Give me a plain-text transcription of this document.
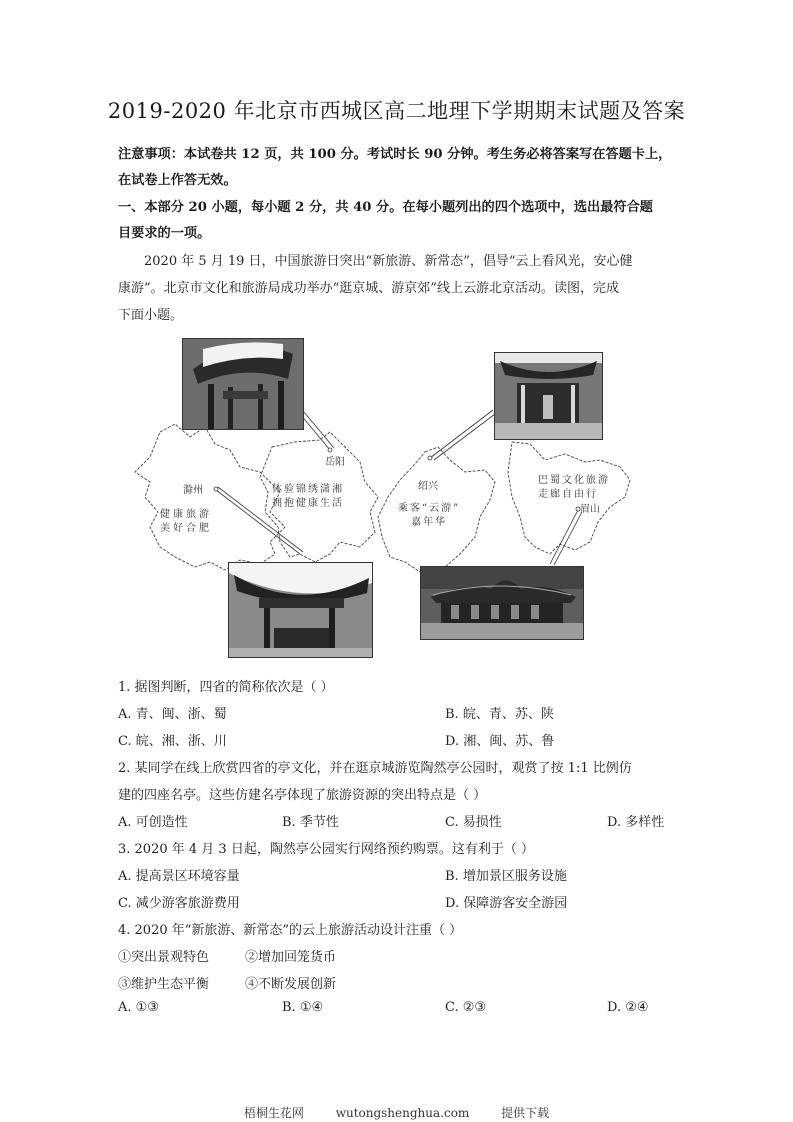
2019-2020 年北京市西城区高二地理下学期期末试题及答案
注意事项：本试卷共 12 页，共 100 分。考试时长 90 分钟。考生务必将答案写在答题卡上，
在试卷上作答无效。
一、本部分 20 小题，每小题 2 分，共 40 分。在每小题列出的四个选项中，选出最符合题
目要求的一项。
2020 年 5 月 19 日，中国旅游日突出“新旅游、新常态”，倡导“云上看风光，安心健
康游”。北京市文化和旅游局成功举办“逛京城、游京郊”线上云游北京活动。读图，完成
下面小题。
滁州
健康旅游
美好合肥
岳阳
体验锦绣潇湘
拥抱健康生活
绍兴
乘客“云游”
嘉年华
眉山
巴蜀文化旅游
走廊自由行
1. 据图判断，四省的简称依次是（ ）
A. 青、闽、浙、蜀	B. 皖、青、苏、陕
C. 皖、湘、浙、川	D. 湘、闽、苏、鲁
2. 某同学在线上欣赏四省的亭文化，并在逛京城游览陶然亭公园时，观赏了按 1:1 比例仿
建的四座名亭。这些仿建名亭体现了旅游资源的突出特点是（ ）
A. 可创造性	B. 季节性	C. 易损性	D. 多样性
3. 2020 年 4 月 3 日起，陶然亭公园实行网络预约购票。这有利于（ ）
A. 提高景区环境容量	B. 增加景区服务设施
C. 减少游客旅游费用	D. 保障游客安全游园
4. 2020 年“新旅游、新常态”的云上旅游活动设计注重（ ）
①突出景观特色	②增加回笼货币
③维护生态平衡	④不断发展创新
A. ①③	B. ①④	C. ②③	D. ②④
梧桐生花网	wutongshenghua.com	提供下载
